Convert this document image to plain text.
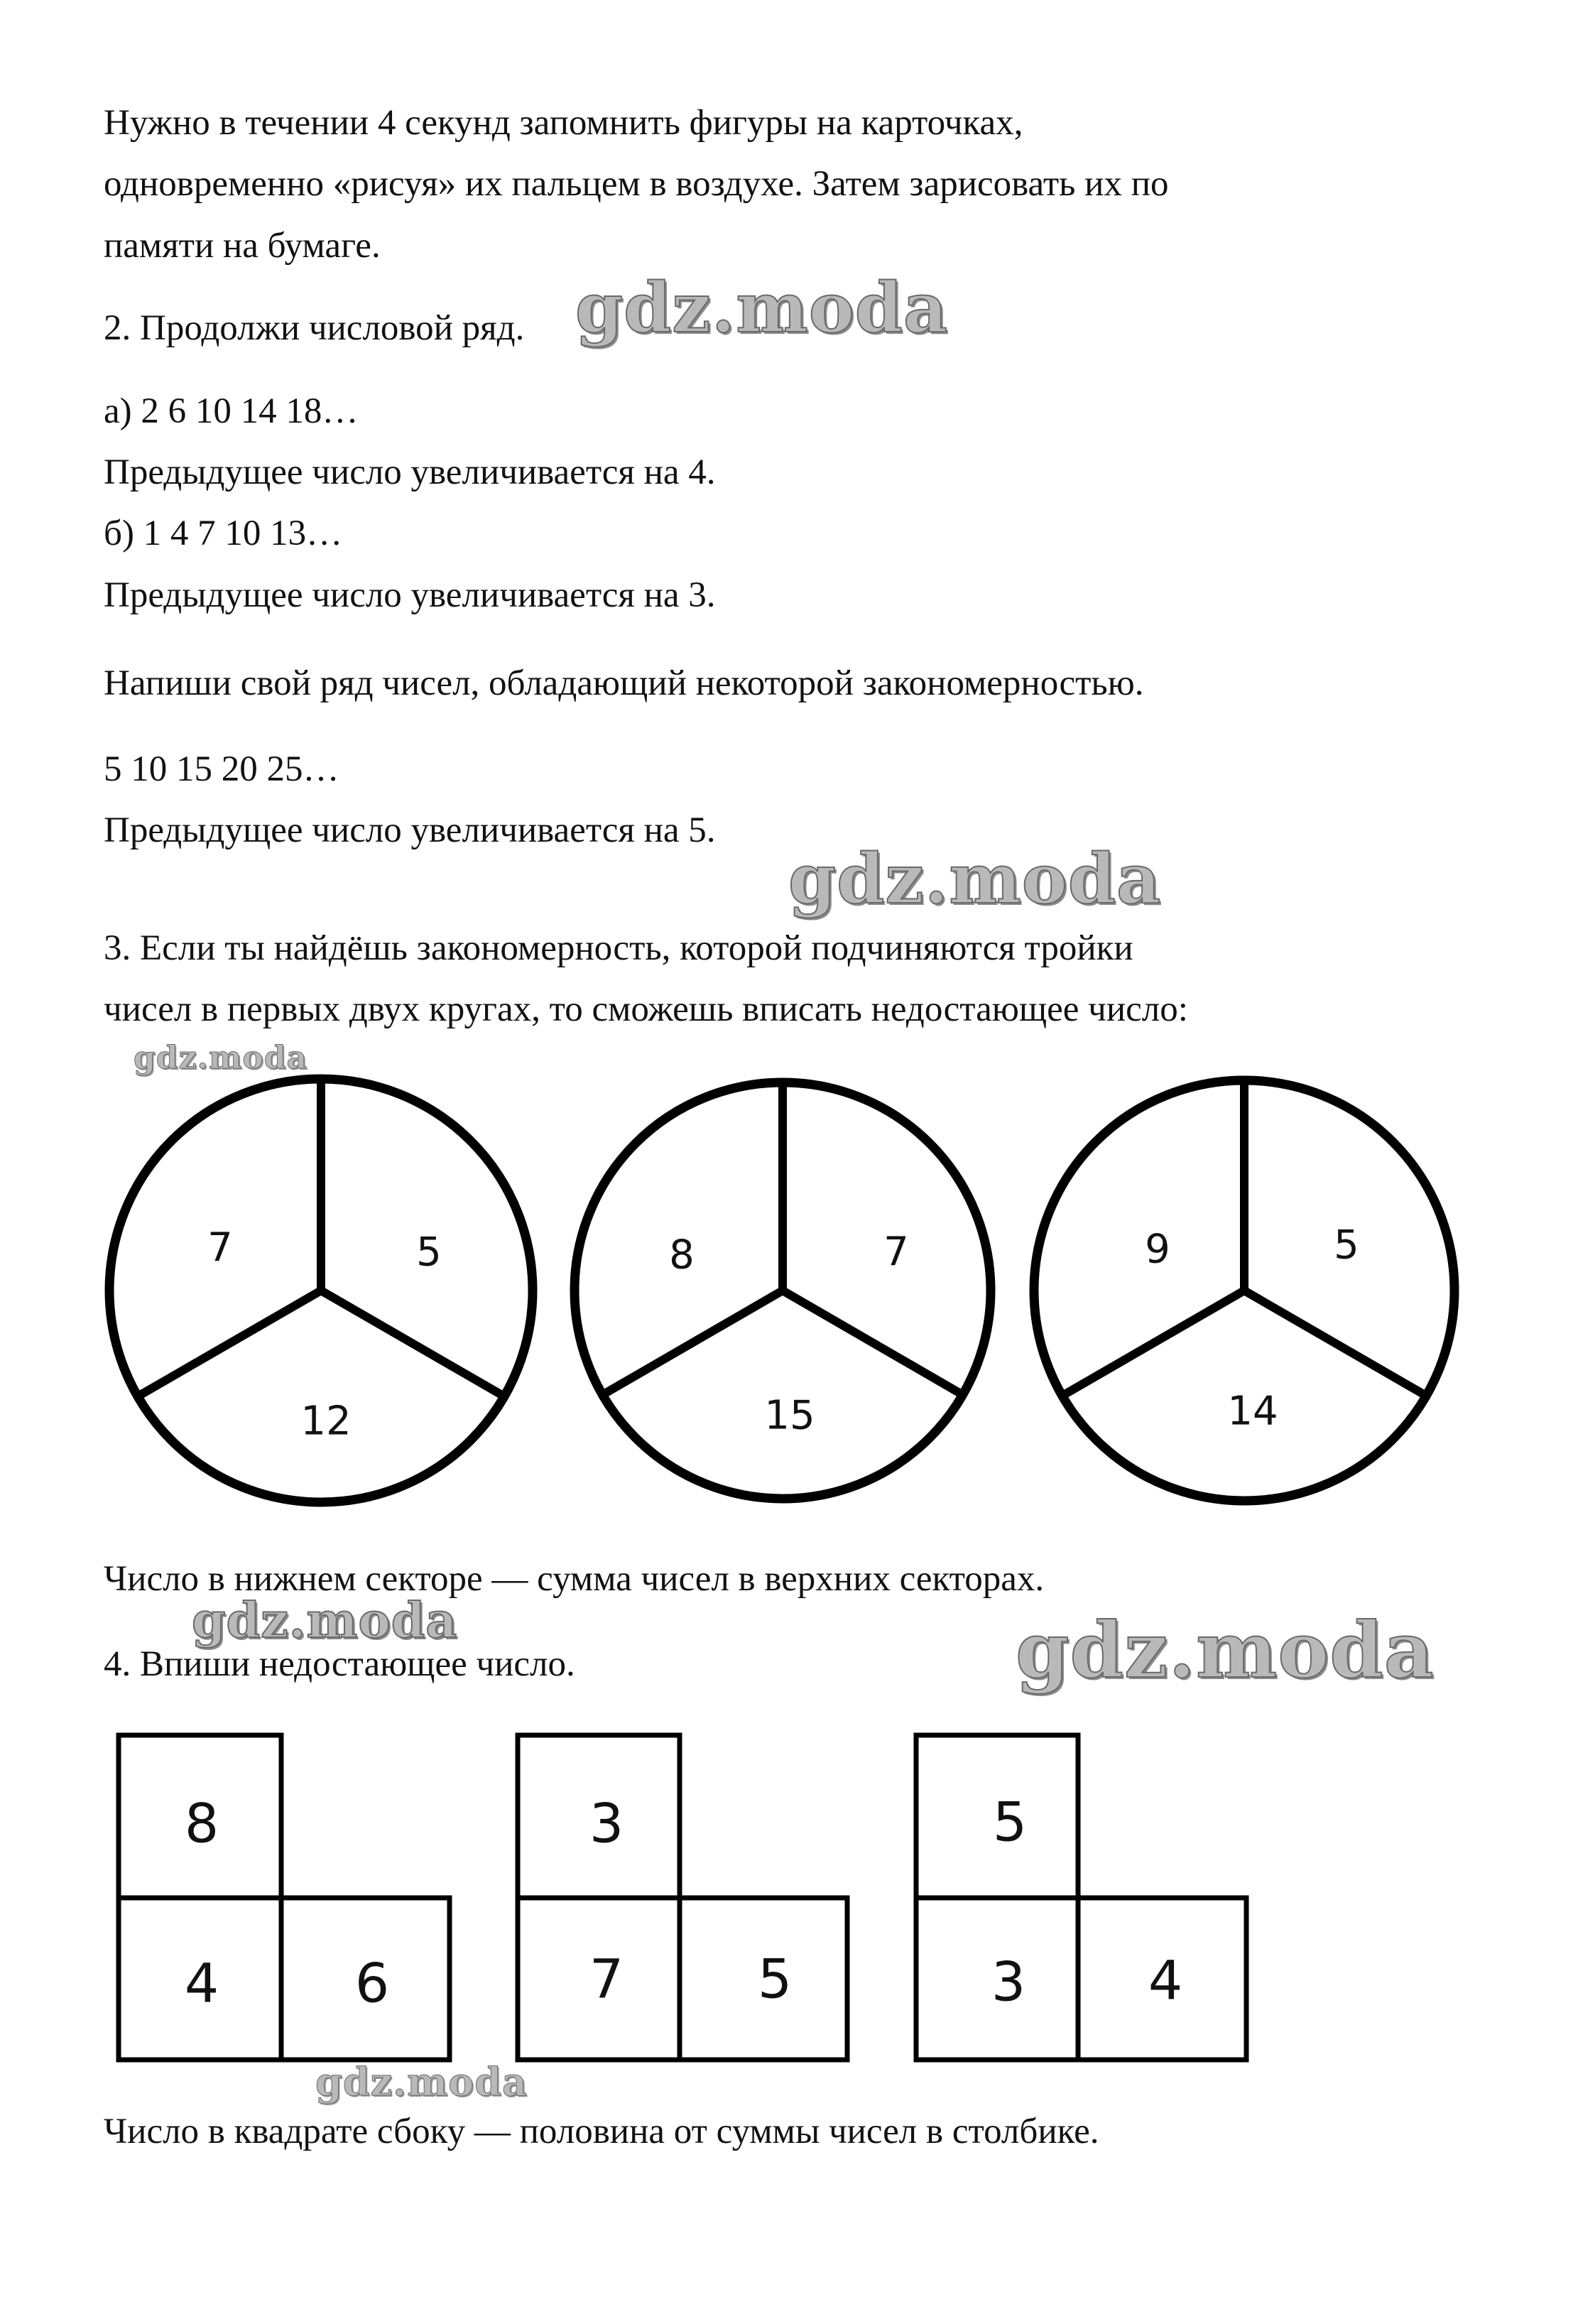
Нужно в течении 4 секунд запомнить фигуры на карточках,
одновременно «рисуя» их пальцем в воздухе. Затем зарисовать их по
памяти на бумаге.
2. Продолжи числовой ряд.
а) 2 6 10 14 18…
Предыдущее число увеличивается на 4.
б) 1 4 7 10 13…
Предыдущее число увеличивается на 3.
Напиши свой ряд чисел, обладающий некоторой закономерностью.
5 10 15 20 25…
Предыдущее число увеличивается на 5.
3. Если ты найдёшь закономерность, которой подчиняются тройки
чисел в первых двух кругах, то сможешь вписать недостающее число:
7	5
12
8	7
15
9	5
14
8
4	6
3
7 5
5
3 4
Число в нижнем секторе — сумма чисел в верхних секторах.
4. Впиши недостающее число.
Число в квадрате сбоку — половина от суммы чисел в столбике.
gdz.moda
gdz.moda
gdz.moda
gdz.moda	gdz.moda
gdz.moda
